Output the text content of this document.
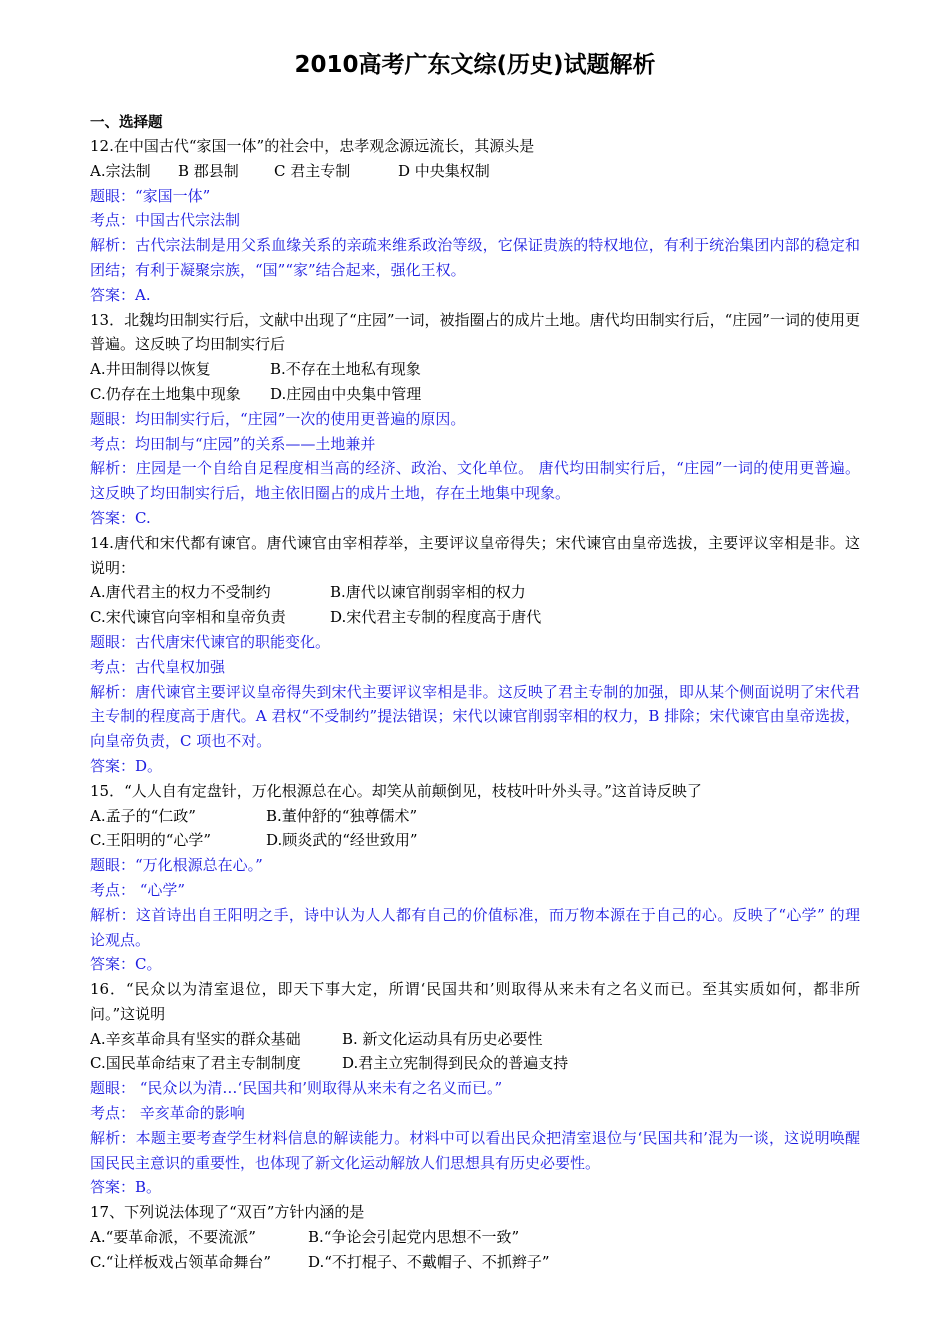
2010高考广东文综(历史)试题解析
一、选择题
12.在中国古代“家国一体”的社会中，忠孝观念源远流长，其源头是
A.宗法制 B 郡县制 C 君主专制	D 中央集权制
题眼：“家国一体”
考点：中国古代宗法制
解析：古代宗法制是用父系血缘关系的亲疏来维系政治等级，它保证贵族的特权地位，有利于统治集团内部的稳定和团结；有利于凝聚宗族，“国”“家”结合起来，强化王权。
答案：A.
13．北魏均田制实行后，文献中出现了“庄园”一词，被指圈占的成片土地。唐代均田制实行后，“庄园”一词的使用更普遍。这反映了均田制实行后
A.井田制得以恢复	B.不存在土地私有现象
C.仍存在土地集中现象 D.庄园由中央集中管理
题眼：均田制实行后，“庄园”一次的使用更普遍的原因。
考点：均田制与“庄园”的关系——土地兼并
解析：庄园是一个自给自足程度相当高的经济、政治、文化单位。 唐代均田制实行后，“庄园”一词的使用更普遍。这反映了均田制实行后，地主依旧圈占的成片土地，存在土地集中现象。
答案：C.
14.唐代和宋代都有谏官。唐代谏官由宰相荐举，主要评议皇帝得失；宋代谏官由皇帝选拔，主要评议宰相是非。这说明：
A.唐代君主的权力不受制约	B.唐代以谏官削弱宰相的权力
C.宋代谏官向宰相和皇帝负责	D.宋代君主专制的程度高于唐代
题眼：古代唐宋代谏官的职能变化。
考点：古代皇权加强
解析：唐代谏官主要评议皇帝得失到宋代主要评议宰相是非。这反映了君主专制的加强，即从某个侧面说明了宋代君主专制的程度高于唐代。A 君权“不受制约”提法错误；宋代以谏官削弱宰相的权力，B 排除；宋代谏官由皇帝选拔，向皇帝负责，C 项也不对。
答案：D。
15．“人人自有定盘针，万化根源总在心。却笑从前颠倒见，枝枝叶叶外头寻。”这首诗反映了
A.孟子的“仁政”	B.董仲舒的“独尊儒术”
C.王阳明的“心学”	D.顾炎武的“经世致用”
题眼：“万化根源总在心。”
考点： “心学”
解析：这首诗出自王阳明之手，诗中认为人人都有自己的价值标准，而万物本源在于自己的心。反映了“心学” 的理论观点。
答案：C。
16．“民众以为清室退位，即天下事大定，所谓‘民国共和’则取得从来未有之名义而已。至其实质如何，都非所问。”这说明
A.辛亥革命具有坚实的群众基础	B. 新文化运动具有历史必要性
C.国民革命结束了君主专制制度	D.君主立宪制得到民众的普遍支持
题眼： “民众以为清…‘民国共和’则取得从来未有之名义而已。”
考点： 辛亥革命的影响
解析：本题主要考查学生材料信息的解读能力。材料中可以看出民众把清室退位与‘民国共和’混为一谈，这说明唤醒国民民主意识的重要性，也体现了新文化运动解放人们思想具有历史必要性。
答案：B。
17、下列说法体现了“双百”方针内涵的是
A.“要革命派，不要流派”	B.“争论会引起党内思想不一致”
C.“让样板戏占领革命舞台” D.“不打棍子、不戴帽子、不抓辫子”
